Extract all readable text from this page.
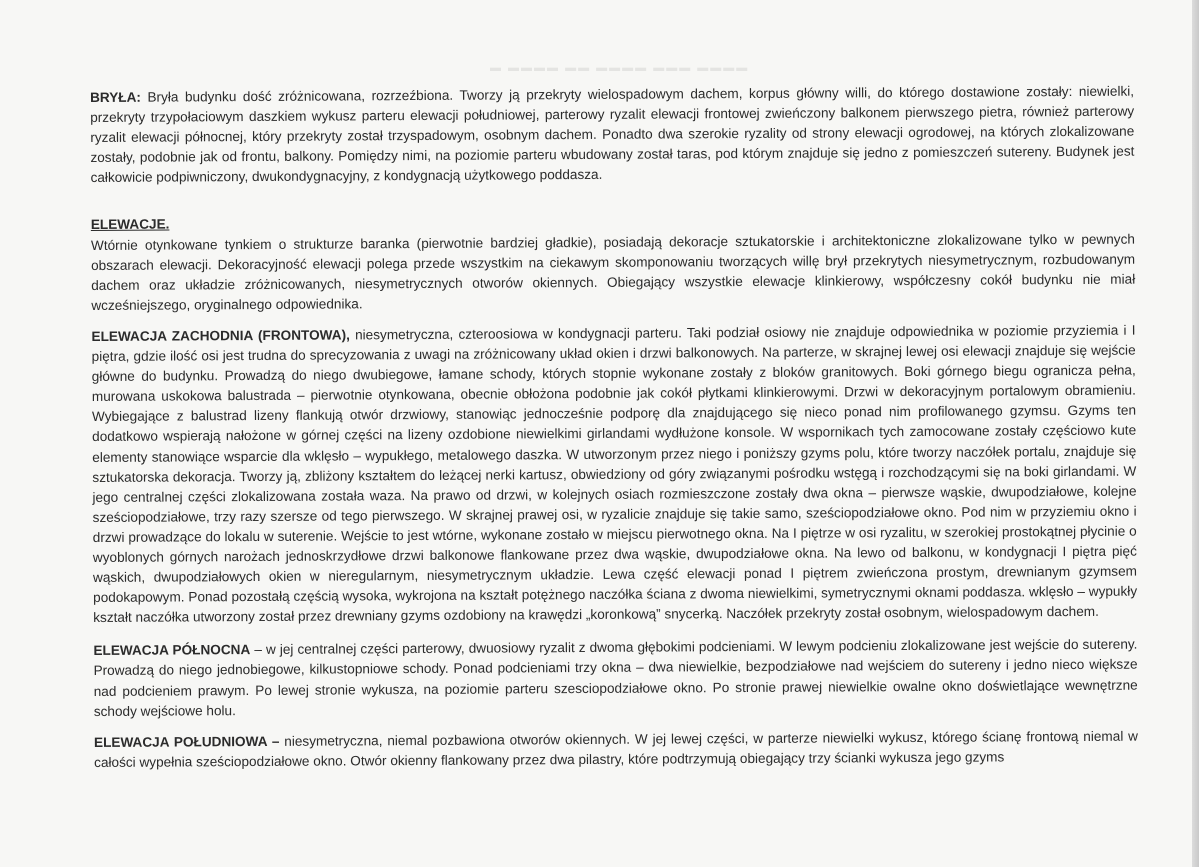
▬ ▬▬▬▬ ▬▬ ▬▬▬▬ ▬▬▬ ▬▬▬▬

BRYŁA: Bryła budynku dość zróżnicowana, rozrzeźbiona. Tworzy ją przekryty wielospadowym dachem, korpus główny willi, do którego dostawione zostały: niewielki, przekryty trzypołaciowym daszkiem wykusz parteru elewacji południowej, parterowy ryzalit elewacji frontowej zwieńczony balkonem pierwszego pietra, również parterowy ryzalit elewacji północnej, który przekryty został trzyspadowym, osobnym dachem. Ponadto dwa szerokie ryzality od strony elewacji ogrodowej, na których zlokalizowane zostały, podobnie jak od frontu, balkony. Pomiędzy nimi, na poziomie parteru wbudowany został taras, pod którym znajduje się jedno z pomieszczeń sutereny. Budynek jest całkowicie podpiwniczony, dwukondygnacyjny, z kondygnacją użytkowego poddasza.

ELEWACJE.

Wtórnie otynkowane tynkiem o strukturze baranka (pierwotnie bardziej gładkie), posiadają dekoracje sztukatorskie i architektoniczne zlokalizowane tylko w pewnych obszarach elewacji. Dekoracyjność elewacji polega przede wszystkim na ciekawym skomponowaniu tworzących willę brył przekrytych niesymetrycznym, rozbudowanym dachem oraz układzie zróżnicowanych, niesymetrycznych otworów okiennych. Obiegający wszystkie elewacje klinkierowy, współczesny cokół budynku nie miał wcześniejszego, oryginalnego odpowiednika.

ELEWACJA ZACHODNIA (FRONTOWA), niesymetryczna, czteroosiowa w kondygnacji parteru. Taki podział osiowy nie znajduje odpowiednika w poziomie przyziemia i I piętra, gdzie ilość osi jest trudna do sprecyzowania z uwagi na zróżnicowany układ okien i drzwi balkonowych. Na parterze, w skrajnej lewej osi elewacji znajduje się wejście główne do budynku. Prowadzą do niego dwubiegowe, łamane schody, których stopnie wykonane zostały z bloków granitowych. Boki górnego biegu ogranicza pełna, murowana uskokowa balustrada – pierwotnie otynkowana, obecnie obłożona podobnie jak cokół płytkami klinkierowymi. Drzwi w dekoracyjnym portalowym obramieniu. Wybiegające z balustrad lizeny flankują otwór drzwiowy, stanowiąc jednocześnie podporę dla znajdującego się nieco ponad nim profilowanego gzymsu. Gzyms ten dodatkowo wspierają nałożone w górnej części na lizeny ozdobione niewielkimi girlandami wydłużone konsole. W wspornikach tych zamocowane zostały częściowo kute elementy stanowiące wsparcie dla wklęsło – wypukłego, metalowego daszka. W utworzonym przez niego i poniższy gzyms polu, które tworzy naczółek portalu, znajduje się sztukatorska dekoracja. Tworzy ją, zbliżony kształtem do leżącej nerki kartusz, obwiedziony od góry związanymi pośrodku wstęgą i rozchodzącymi się na boki girlandami. W jego centralnej części zlokalizowana została waza. Na prawo od drzwi, w kolejnych osiach rozmieszczone zostały dwa okna – pierwsze wąskie, dwupodziałowe, kolejne sześciopodziałowe, trzy razy szersze od tego pierwszego. W skrajnej prawej osi, w ryzalicie znajduje się takie samo, sześciopodziałowe okno. Pod nim w przyziemiu okno i drzwi prowadzące do lokalu w suterenie. Wejście to jest wtórne, wykonane zostało w miejscu pierwotnego okna. Na I piętrze w osi ryzalitu, w szerokiej prostokątnej płycinie o wyoblonych górnych narożach jednoskrzydłowe drzwi balkonowe flankowane przez dwa wąskie, dwupodziałowe okna. Na lewo od balkonu, w kondygnacji I piętra pięć wąskich, dwupodziałowych okien w nieregularnym, niesymetrycznym układzie. Lewa część elewacji ponad I piętrem zwieńczona prostym, drewnianym gzymsem podokapowym. Ponad pozostałą częścią wysoka, wykrojona na kształt potężnego naczółka ściana z dwoma niewielkimi, symetrycznymi oknami poddasza. wklęsło – wypukły kształt naczółka utworzony został przez drewniany gzyms ozdobiony na krawędzi „koronkową” snycerką. Naczółek przekryty został osobnym, wielospadowym dachem.

ELEWACJA PÓŁNOCNA – w jej centralnej części parterowy, dwuosiowy ryzalit z dwoma głębokimi podcieniami. W lewym podcieniu zlokalizowane jest wejście do sutereny. Prowadzą do niego jednobiegowe, kilkustopniowe schody. Ponad podcieniami trzy okna – dwa niewielkie, bezpodziałowe nad wejściem do sutereny i jedno nieco większe nad podcieniem prawym. Po lewej stronie wykusza, na poziomie parteru szesciopodziałowe okno. Po stronie prawej niewielkie owalne okno doświetlające wewnętrzne schody wejściowe holu.

ELEWACJA POŁUDNIOWA – niesymetryczna, niemal pozbawiona otworów okiennych. W jej lewej części, w parterze niewielki wykusz, którego ścianę frontową niemal w całości wypełnia sześciopodziałowe okno. Otwór okienny flankowany przez dwa pilastry, które podtrzymują obiegający trzy ścianki wykusza jego gzyms
